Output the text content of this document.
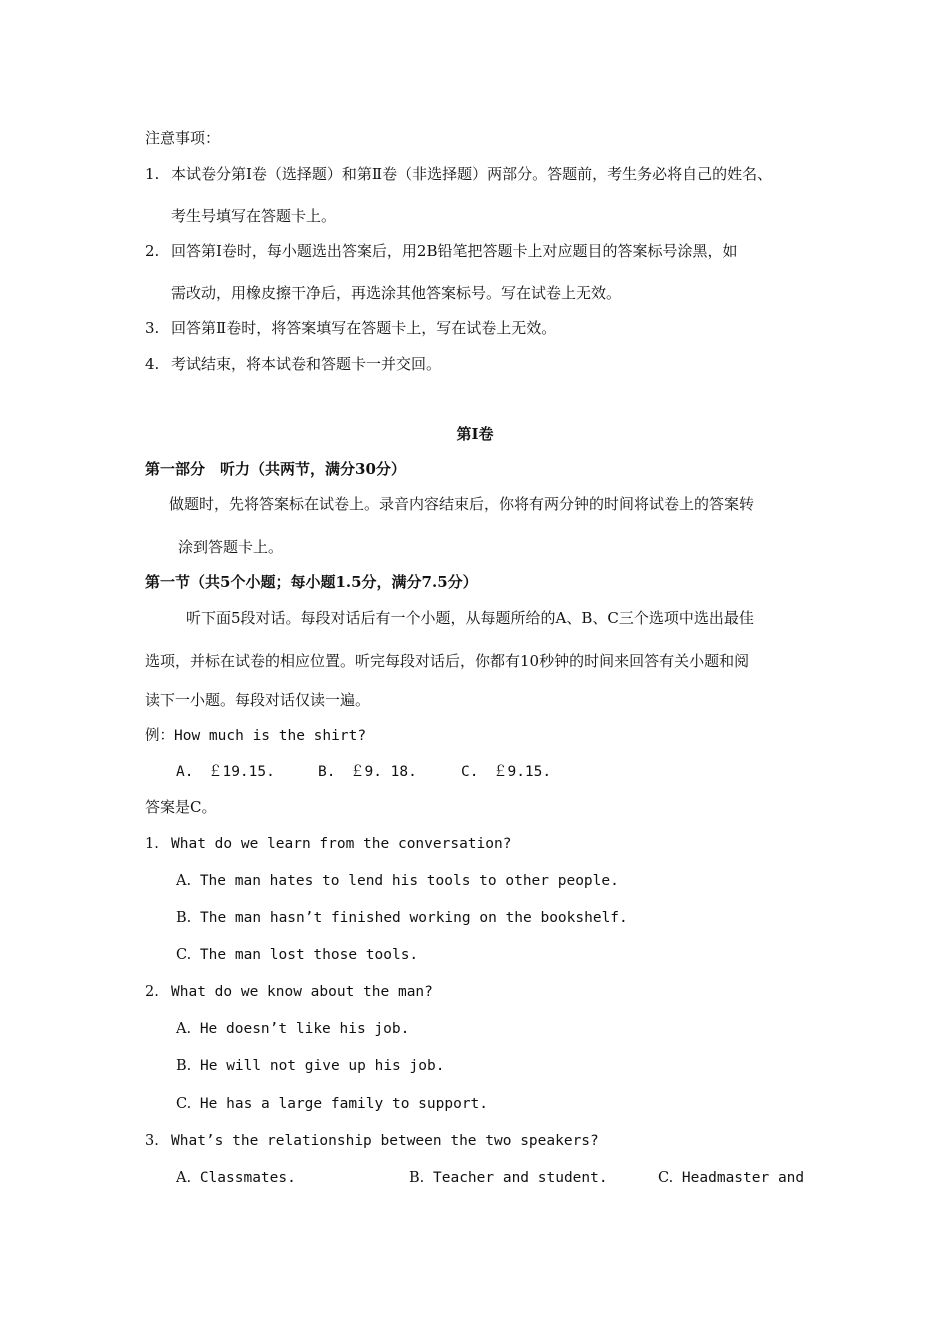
注意事项：
1. 本试卷分第Ⅰ卷（选择题）和第Ⅱ卷（非选择题）两部分。答题前，考生务必将自己的姓名、
考生号填写在答题卡上。
2. 回答第Ⅰ卷时，每小题选出答案后，用2B铅笔把答题卡上对应题目的答案标号涂黑，如
需改动，用橡皮擦干净后，再选涂其他答案标号。写在试卷上无效。
3. 回答第Ⅱ卷时，将答案填写在答题卡上，写在试卷上无效。
4. 考试结束，将本试卷和答题卡一并交回。
第Ⅰ卷
第一部分　听力（共两节，满分30分）
做题时，先将答案标在试卷上。录音内容结束后，你将有两分钟的时间将试卷上的答案转
涂到答题卡上。
第一节（共5个小题；每小题1.5分，满分7.5分）
听下面5段对话。每段对话后有一个小题，从每题所给的A、B、C三个选项中选出最佳
选项，并标在试卷的相应位置。听完每段对话后，你都有10秒钟的时间来回答有关小题和阅
读下一小题。每段对话仅读一遍。
例：How much is the shirt?
A.　￡19.15.	B.　￡9. 18.	C.　￡9.15.
答案是C。
1. What do we learn from the conversation?
A. The man hates to lend his tools to other people.
B. The man hasn’t finished working on the bookshelf.
C. The man lost those tools.
2. What do we know about the man?
A. He doesn’t like his job.
B. He will not give up his job.
C. He has a large family to support.
3. What’s the relationship between the two speakers?
A. Classmates.	B. Teacher and student.	C. Headmaster and
